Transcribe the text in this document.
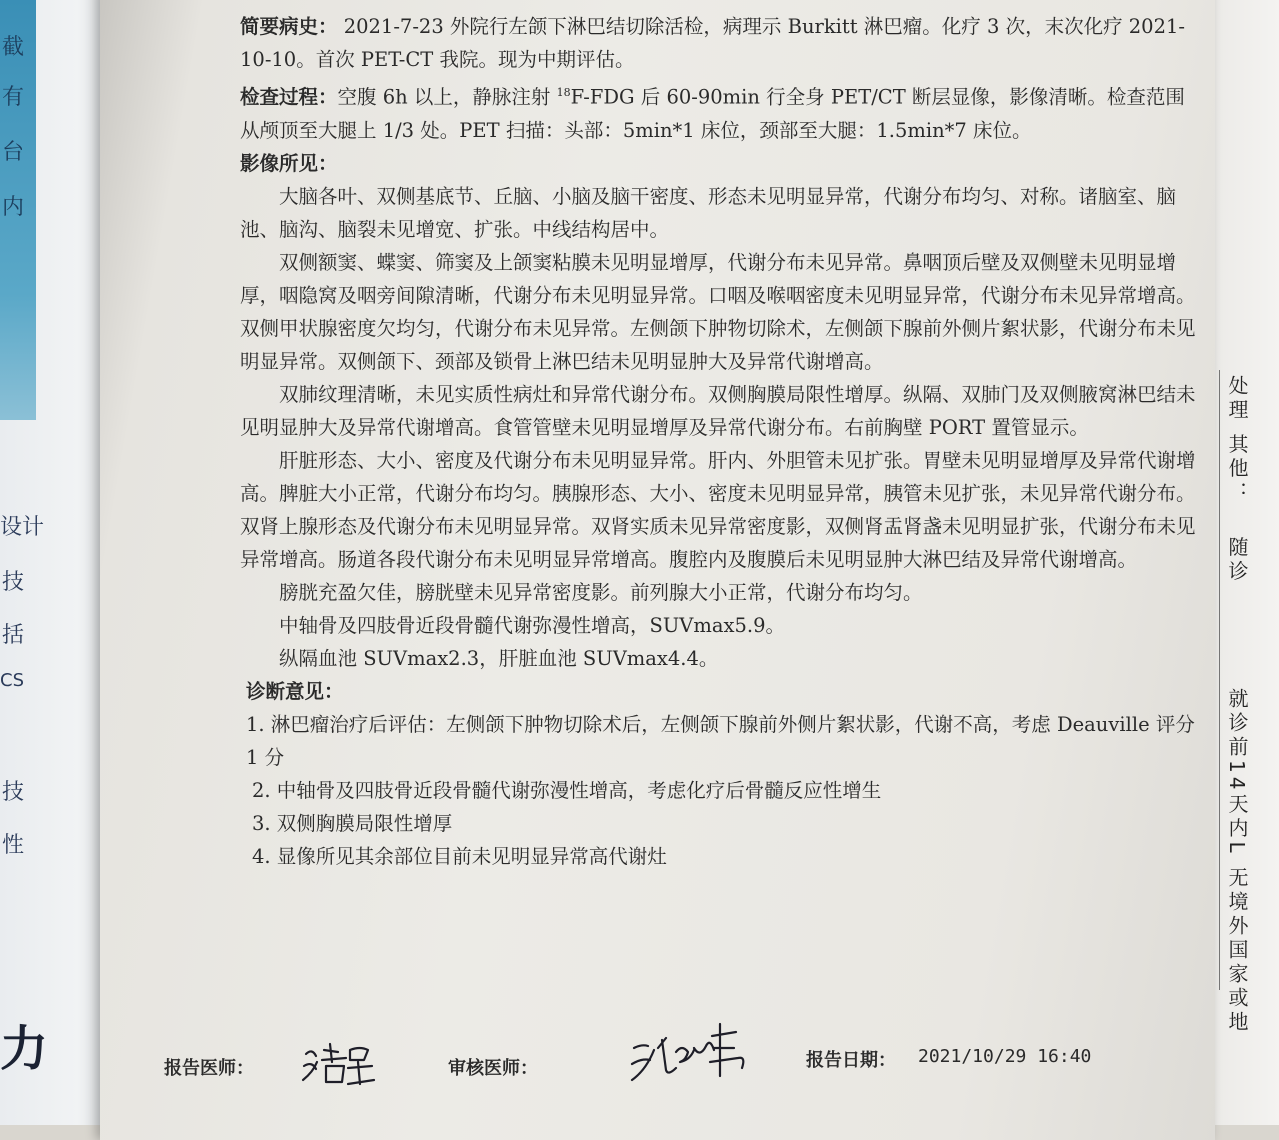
截
有
台
内
设计
技
括
CS
技
性
力
处理 其他：   随诊          就诊前14天内L 无境外国家或地

简要病史： 2021-7-23 外院行左颌下淋巴结切除活检，病理示 Burkitt 淋巴瘤。化疗 3 次，末次化疗 2021-10-10。首次 PET-CT 我院。现为中期评估。

检查过程：空腹 6h 以上，静脉注射 $^{18}$F-FDG 后 60-90min 行全身 PET/CT 断层显像，影像清晰。检查范围从颅顶至大腿上 1/3 处。PET 扫描：头部：5min*1 床位，颈部至大腿：1.5min*7 床位。

影像所见：

大脑各叶、双侧基底节、丘脑、小脑及脑干密度、形态未见明显异常，代谢分布均匀、对称。诸脑室、脑池、脑沟、脑裂未见增宽、扩张。中线结构居中。

双侧额窦、蝶窦、筛窦及上颌窦粘膜未见明显增厚，代谢分布未见异常。鼻咽顶后壁及双侧壁未见明显增厚，咽隐窝及咽旁间隙清晰，代谢分布未见明显异常。口咽及喉咽密度未见明显异常，代谢分布未见异常增高。双侧甲状腺密度欠均匀，代谢分布未见异常。左侧颌下肿物切除术，左侧颌下腺前外侧片絮状影，代谢分布未见明显异常。双侧颌下、颈部及锁骨上淋巴结未见明显肿大及异常代谢增高。

双肺纹理清晰，未见实质性病灶和异常代谢分布。双侧胸膜局限性增厚。纵隔、双肺门及双侧腋窝淋巴结未见明显肿大及异常代谢增高。食管管壁未见明显增厚及异常代谢分布。右前胸壁 PORT 置管显示。

肝脏形态、大小、密度及代谢分布未见明显异常。肝内、外胆管未见扩张。胃壁未见明显增厚及异常代谢增高。脾脏大小正常，代谢分布均匀。胰腺形态、大小、密度未见明显异常，胰管未见扩张，未见异常代谢分布。双肾上腺形态及代谢分布未见明显异常。双肾实质未见异常密度影，双侧肾盂肾盏未见明显扩张，代谢分布未见异常增高。肠道各段代谢分布未见明显异常增高。腹腔内及腹膜后未见明显肿大淋巴结及异常代谢增高。

膀胱充盈欠佳，膀胱壁未见异常密度影。前列腺大小正常，代谢分布均匀。

中轴骨及四肢骨近段骨髓代谢弥漫性增高，SUVmax5.9。

纵隔血池 SUVmax2.3，肝脏血池 SUVmax4.4。

诊断意见：

1. 淋巴瘤治疗后评估：左侧颌下肿物切除术后，左侧颌下腺前外侧片絮状影，代谢不高，考虑 Deauville 评分 1 分

2. 中轴骨及四肢骨近段骨髓代谢弥漫性增高，考虑化疗后骨髓反应性增生

3. 双侧胸膜局限性增厚

4. 显像所见其余部位目前未见明显异常高代谢灶

报告医师：	审核医师：	报告日期： 2021/10/29 16:40
